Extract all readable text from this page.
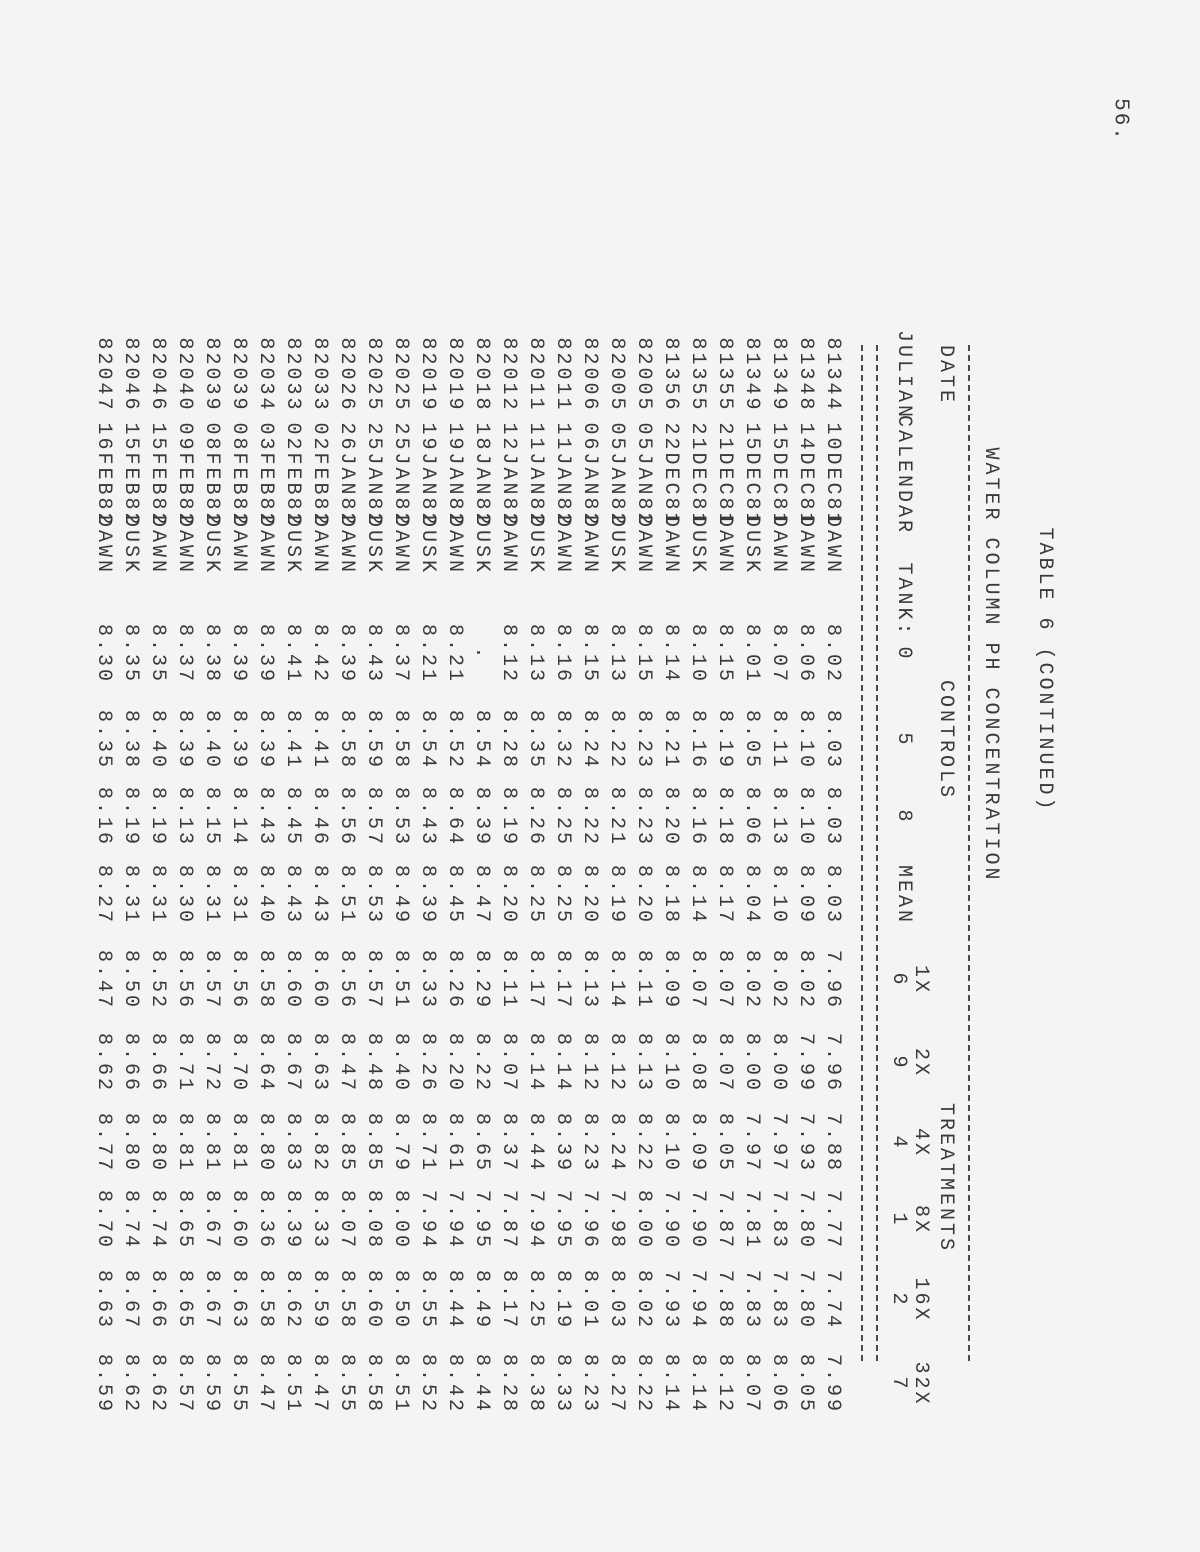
56.
TABLE 6 (CONTINUED)
WATER COLUMN PH CONCENTRATION
DATE
CONTROLS
TREATMENTS
JULIAN
CALENDAR
TANK:
0
5
8
MEAN
1X
2X
4X
8X
16X
32X
6
9
4
1
2
7
81344
10DEC81
DAWN
8.02
8.03
8.03
8.03
7.96
7.96
7.88
7.77
7.74
7.99
81348
14DEC81
DAWN
8.06
8.10
8.10
8.09
8.02
7.99
7.93
7.80
7.80
8.05
81349
15DEC81
DAWN
8.07
8.11
8.13
8.10
8.02
8.00
7.97
7.83
7.83
8.06
81349
15DEC81
DUSK
8.01
8.05
8.06
8.04
8.02
8.00
7.97
7.81
7.83
8.07
81355
21DEC81
DAWN
8.15
8.19
8.18
8.17
8.07
8.07
8.05
7.87
7.88
8.12
81355
21DEC81
DUSK
8.10
8.16
8.16
8.14
8.07
8.08
8.09
7.90
7.94
8.14
81356
22DEC81
DAWN
8.14
8.21
8.20
8.18
8.09
8.10
8.10
7.90
7.93
8.14
82005
05JAN82
DAWN
8.15
8.23
8.23
8.20
8.11
8.13
8.22
8.00
8.02
8.22
82005
05JAN82
DUSK
8.13
8.22
8.21
8.19
8.14
8.12
8.24
7.98
8.03
8.27
82006
06JAN82
DAWN
8.15
8.24
8.22
8.20
8.13
8.12
8.23
7.96
8.01
8.23
82011
11JAN82
DAWN
8.16
8.32
8.25
8.25
8.17
8.14
8.39
7.95
8.19
8.33
82011
11JAN82
DUSK
8.13
8.35
8.26
8.25
8.17
8.14
8.44
7.94
8.25
8.38
82012
12JAN82
DAWN
8.12
8.28
8.19
8.20
8.11
8.07
8.37
7.87
8.17
8.28
82018
18JAN82
DUSK
.
8.54
8.39
8.47
8.29
8.22
8.65
7.95
8.49
8.44
82019
19JAN82
DAWN
8.21
8.52
8.64
8.45
8.26
8.20
8.61
7.94
8.44
8.42
82019
19JAN82
DUSK
8.21
8.54
8.43
8.39
8.33
8.26
8.71
7.94
8.55
8.52
82025
25JAN82
DAWN
8.37
8.58
8.53
8.49
8.51
8.40
8.79
8.00
8.50
8.51
82025
25JAN82
DUSK
8.43
8.59
8.57
8.53
8.57
8.48
8.85
8.08
8.60
8.58
82026
26JAN82
DAWN
8.39
8.58
8.56
8.51
8.56
8.47
8.85
8.07
8.58
8.55
82033
02FEB82
DAWN
8.42
8.41
8.46
8.43
8.60
8.63
8.82
8.33
8.59
8.47
82033
02FEB82
DUSK
8.41
8.41
8.45
8.43
8.60
8.67
8.83
8.39
8.62
8.51
82034
03FEB82
DAWN
8.39
8.39
8.43
8.40
8.58
8.64
8.80
8.36
8.58
8.47
82039
08FEB82
DAWN
8.39
8.39
8.14
8.31
8.56
8.70
8.81
8.60
8.63
8.55
82039
08FEB82
DUSK
8.38
8.40
8.15
8.31
8.57
8.72
8.81
8.67
8.67
8.59
82040
09FEB82
DAWN
8.37
8.39
8.13
8.30
8.56
8.71
8.81
8.65
8.65
8.57
82046
15FEB82
DAWN
8.35
8.40
8.19
8.31
8.52
8.66
8.80
8.74
8.66
8.62
82046
15FEB82
DUSK
8.35
8.38
8.19
8.31
8.50
8.66
8.80
8.74
8.67
8.62
82047
16FEB82
DAWN
8.30
8.35
8.16
8.27
8.47
8.62
8.77
8.70
8.63
8.59
